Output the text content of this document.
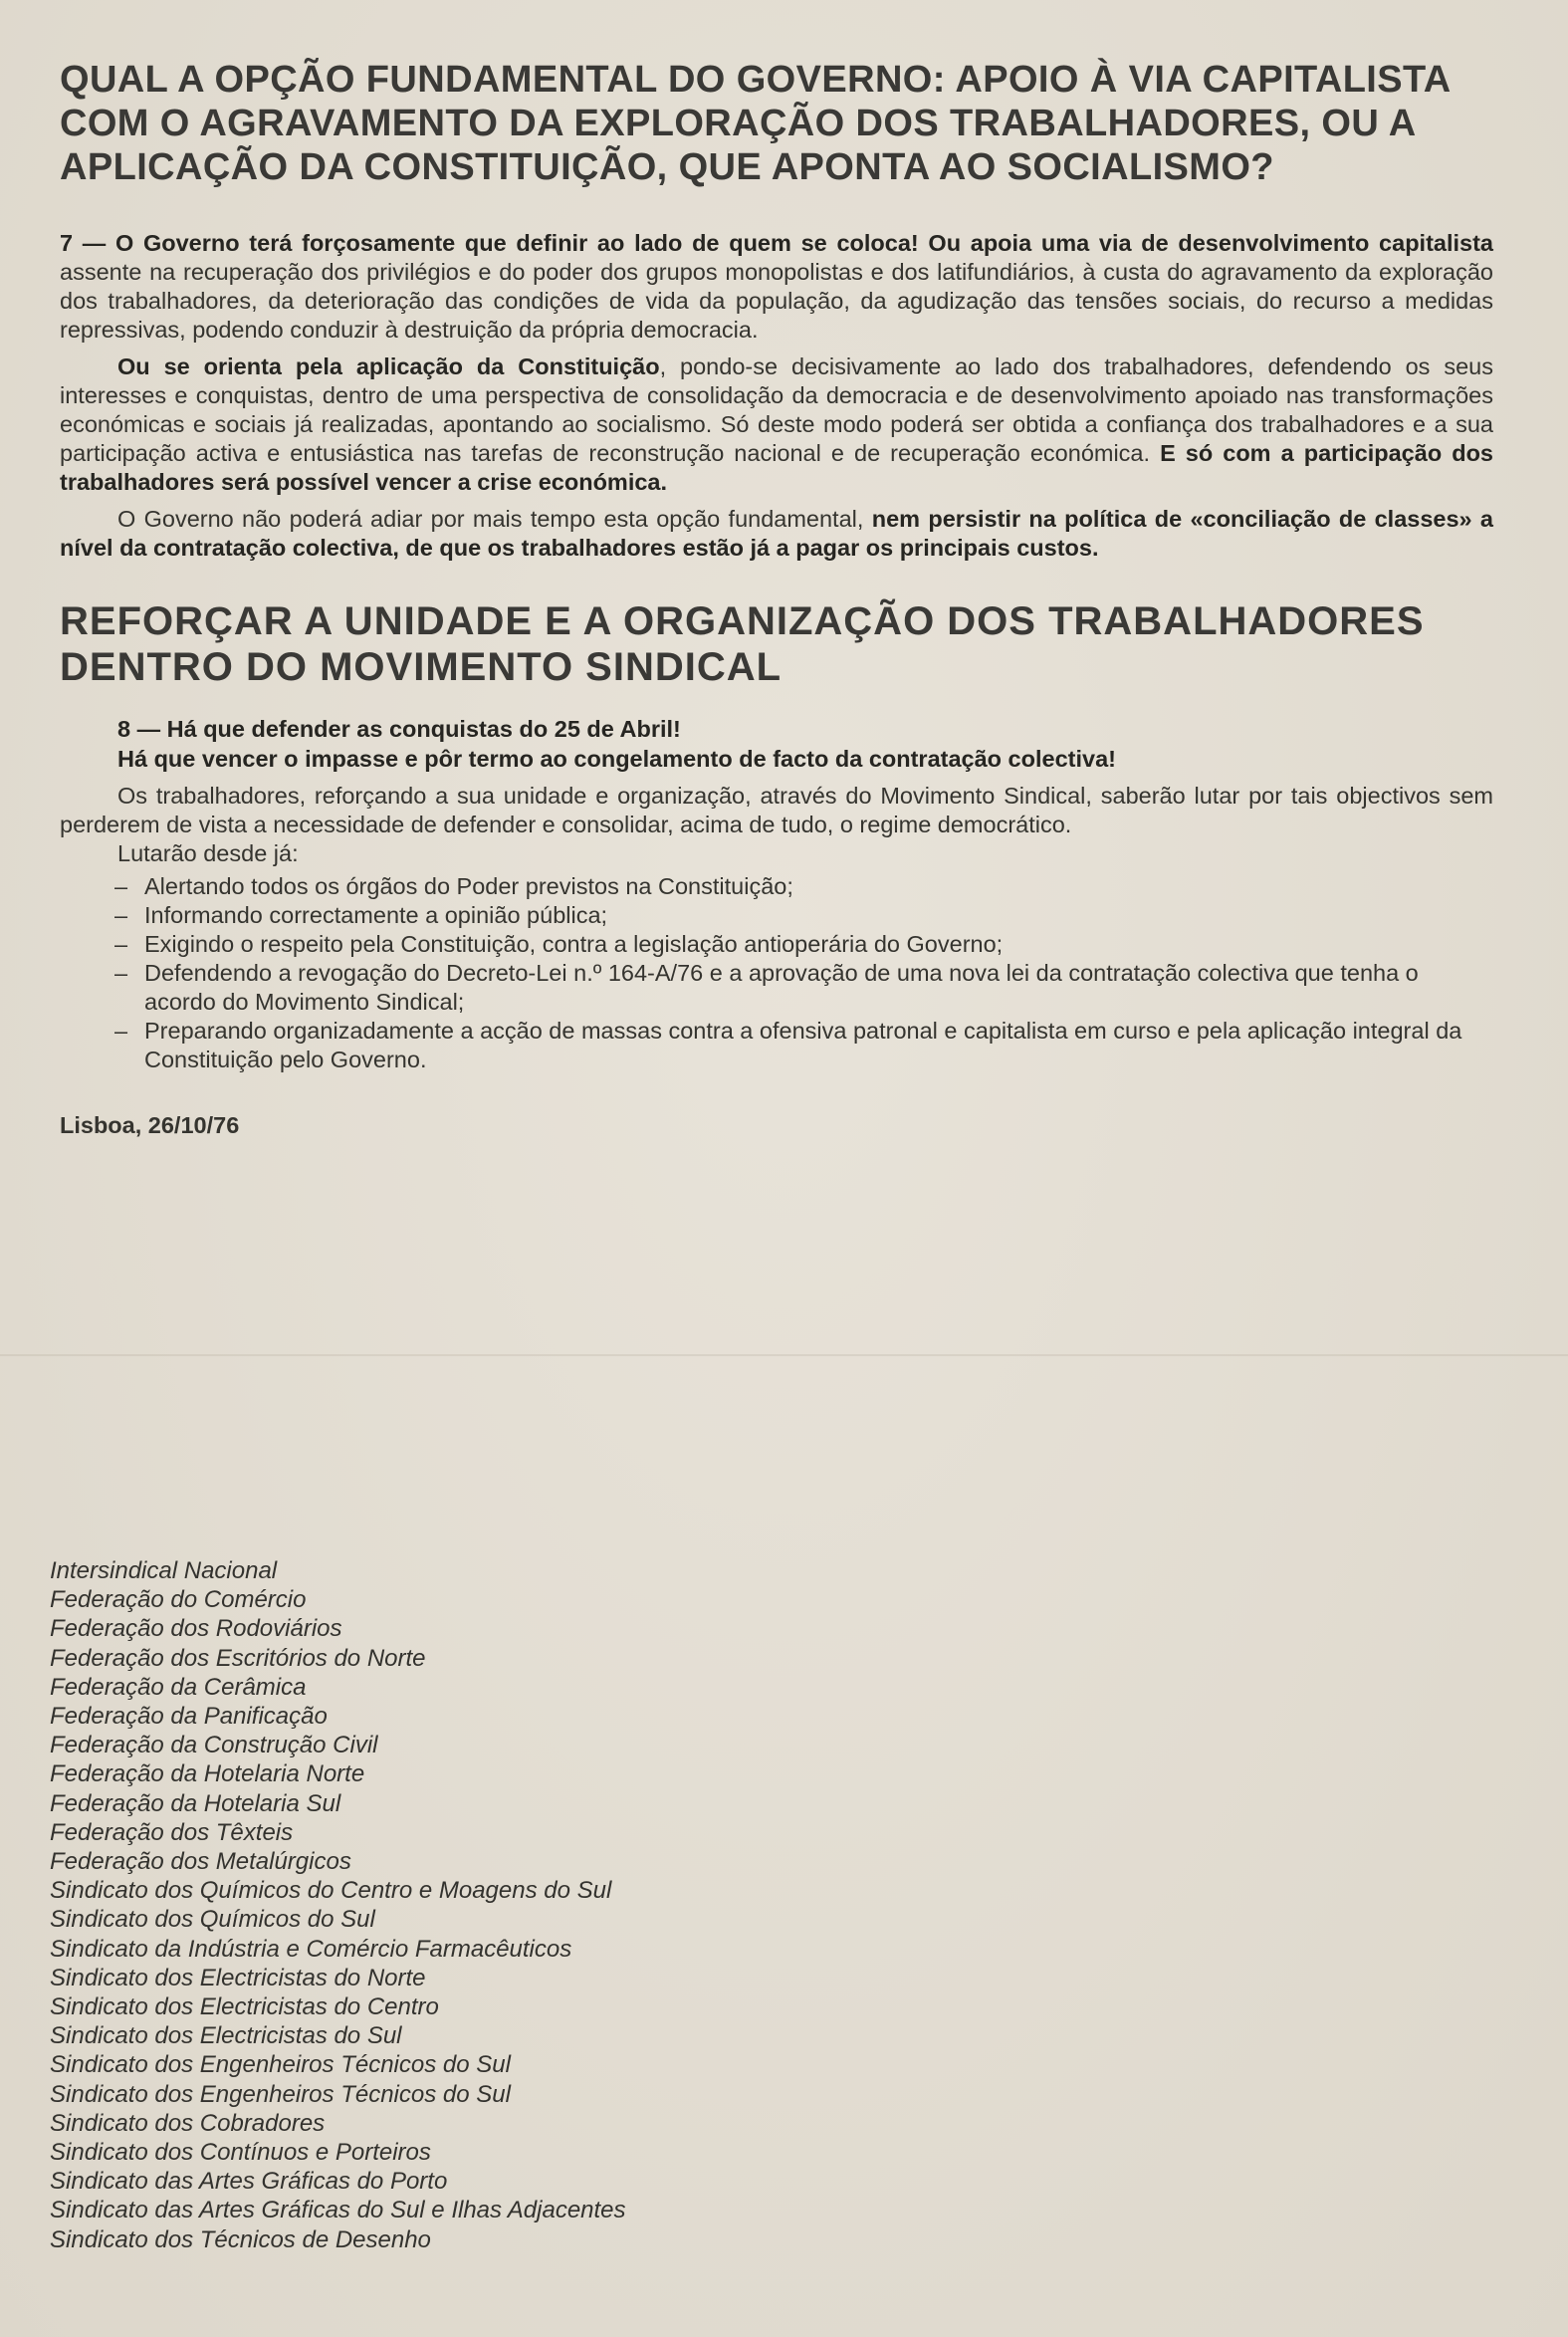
QUAL A OPÇÃO FUNDAMENTAL DO GOVERNO: APOIO À VIA CAPITALISTA COM O AGRAVAMENTO DA EXPLORAÇÃO DOS TRABALHADORES, OU A APLICAÇÃO DA CONSTITUIÇÃO, QUE APONTA AO SOCIALISMO?

7 — O Governo terá forçosamente que definir ao lado de quem se coloca! Ou apoia uma via de desenvolvimento capitalista assente na recuperação dos privilégios e do poder dos grupos monopolistas e dos latifundiários, à custa do agravamento da exploração dos trabalhadores, da deterioração das condições de vida da população, da agudização das tensões sociais, do recurso a medidas repressivas, podendo conduzir à destruição da própria democracia.

Ou se orienta pela aplicação da Constituição, pondo-se decisivamente ao lado dos trabalhadores, defendendo os seus interesses e conquistas, dentro de uma perspectiva de consolidação da democracia e de desenvolvimento apoiado nas transformações económicas e sociais já realizadas, apontando ao socialismo. Só deste modo poderá ser obtida a confiança dos trabalhadores e a sua participação activa e entusiástica nas tarefas de reconstrução nacional e de recuperação económica. E só com a participação dos trabalhadores será possível vencer a crise económica.

O Governo não poderá adiar por mais tempo esta opção fundamental, nem persistir na política de «conciliação de classes» a nível da contratação colectiva, de que os trabalhadores estão já a pagar os principais custos.

REFORÇAR A UNIDADE E A ORGANIZAÇÃO DOS TRABALHADORES DENTRO DO MOVIMENTO SINDICAL
8 — Há que defender as conquistas do 25 de Abril!
Há que vencer o impasse e pôr termo ao congelamento de facto da contratação colectiva!

Os trabalhadores, reforçando a sua unidade e organização, através do Movimento Sindical, saberão lutar por tais objectivos sem perderem de vista a necessidade de defender e consolidar, acima de tudo, o regime democrático.

Lutarão desde já:

– Alertando todos os órgãos do Poder previstos na Constituição;
– Informando correctamente a opinião pública;
– Exigindo o respeito pela Constituição, contra a legislação antioperária do Governo;
– Defendendo a revogação do Decreto-Lei n.º 164-A/76 e a aprovação de uma nova lei da contratação colectiva que tenha o acordo do Movimento Sindical;
– Preparando organizadamente a acção de massas contra a ofensiva patronal e capitalista em curso e pela aplicação integral da Constituição pelo Governo.
Lisboa, 26/10/76
Intersindical Nacional
Federação do Comércio
Federação dos Rodoviários
Federação dos Escritórios do Norte
Federação da Cerâmica
Federação da Panificação
Federação da Construção Civil
Federação da Hotelaria Norte
Federação da Hotelaria Sul
Federação dos Têxteis
Federação dos Metalúrgicos
Sindicato dos Químicos do Centro e Moagens do Sul
Sindicato dos Químicos do Sul
Sindicato da Indústria e Comércio Farmacêuticos
Sindicato dos Electricistas do Norte
Sindicato dos Electricistas do Centro
Sindicato dos Electricistas do Sul
Sindicato dos Engenheiros Técnicos do Sul
Sindicato dos Engenheiros Técnicos do Sul
Sindicato dos Cobradores
Sindicato dos Contínuos e Porteiros
Sindicato das Artes Gráficas do Porto
Sindicato das Artes Gráficas do Sul e Ilhas Adjacentes
Sindicato dos Técnicos de Desenho
